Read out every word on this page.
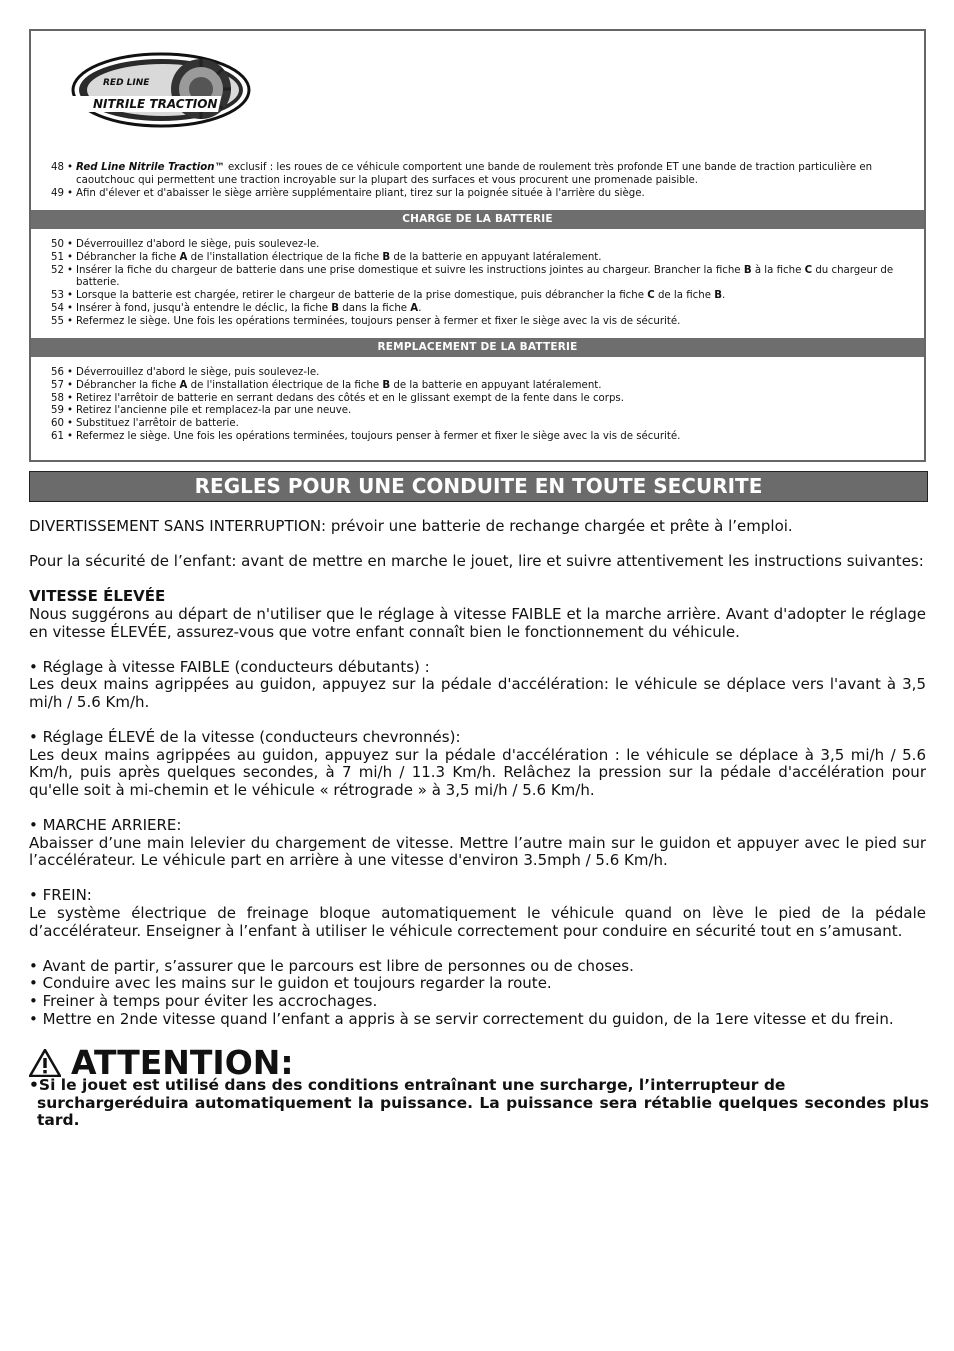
RED LINE
NITRILE TRACTION
48 • Red Line Nitrile Traction™ exclusif : les roues de ce véhicule comportent une bande de roulement très profonde ET une bande de traction particulière en caoutchouc qui permettent une traction incroyable sur la plupart des surfaces et vous procurent une promenade paisible.
49 • Afin d'élever et d'abaisser le siège arrière supplémentaire pliant, tirez sur la poignée située à l'arrière du siège.
CHARGE DE LA BATTERIE
50 • Déverrouillez d'abord le siège, puis soulevez-le.
51 • Débrancher la fiche A de l'installation électrique de la fiche B de la batterie en appuyant latéralement.
52 • Insérer la fiche du chargeur de batterie dans une prise domestique et suivre les instructions jointes au chargeur. Brancher la fiche B à la fiche C du chargeur de batterie.
53 • Lorsque la batterie est chargée, retirer le chargeur de batterie de la prise domestique, puis débrancher la fiche C de la fiche B.
54 • Insérer à fond, jusqu'à entendre le déclic, la fiche B dans la fiche A.
55 • Refermez le siège. Une fois les opérations terminées, toujours penser à fermer et fixer le siège avec la vis de sécurité.
REMPLACEMENT DE LA BATTERIE
56 • Déverrouillez d'abord le siège, puis soulevez-le.
57 • Débrancher la fiche A de l'installation électrique de la fiche B de la batterie en appuyant latéralement.
58 • Retirez l'arrêtoir de batterie en serrant dedans des côtés et en le glissant exempt de la fente dans le corps.
59 • Retirez l'ancienne pile et remplacez-la par une neuve.
60 • Substituez l'arrêtoir de batterie.
61 • Refermez le siège. Une fois les opérations terminées, toujours penser à fermer et fixer le siège avec la vis de sécurité.
REGLES POUR UNE CONDUITE EN TOUTE SECURITE

DIVERTISSEMENT SANS INTERRUPTION: prévoir une batterie de rechange chargée et prête à l’emploi.

Pour la sécurité de l’enfant: avant de mettre en marche le jouet, lire et suivre attentivement les instructions suivantes:

VITESSE ÉLEVÉE

Nous suggérons au départ de n'utiliser que le réglage à vitesse FAIBLE et la marche arrière. Avant d'adopter le réglage en vitesse ÉLEVÉE, assurez-vous que votre enfant connaît bien le fonctionnement du véhicule.

• Réglage à vitesse FAIBLE (conducteurs débutants) :

Les deux mains agrippées au guidon, appuyez sur la pédale d'accélération: le véhicule se déplace vers l'avant à 3,5 mi/h / 5.6 Km/h.

• Réglage ÉLEVÉ de la vitesse (conducteurs chevronnés):

Les deux mains agrippées au guidon, appuyez sur la pédale d'accélération : le véhicule se déplace à 3,5 mi/h / 5.6 Km/h, puis après quelques secondes, à 7 mi/h / 11.3 Km/h. Relâchez la pression sur la pédale d'accélération pour qu'elle soit à mi-chemin et le véhicule « rétrograde » à 3,5 mi/h / 5.6 Km/h.

• MARCHE ARRIERE:

Abaisser d’une main lelevier du chargement de vitesse. Mettre l’autre main sur le guidon et appuyer avec le pied sur l’accélérateur. Le véhicule part en arrière à une vitesse d'environ 3.5mph / 5.6 Km/h.

• FREIN:

Le système électrique de freinage bloque automatiquement le véhicule quand on lève le pied de la pédale d’accélérateur. Enseigner à l’enfant à utiliser le véhicule correctement pour conduire en sécurité tout en s’amusant.

• Avant de partir, s’assurer que le parcours est libre de personnes ou de choses.

• Conduire avec les mains sur le guidon et toujours regarder la route.

• Freiner à temps pour éviter les accrochages.

• Mettre en 2nde vitesse quand l’enfant a appris à se servir correctement du guidon, de la 1ere vitesse et du frein.

ATTENTION:
•Si le jouet est utilisé dans des conditions entraînant une surcharge, l’interrupteur de
surchargeréduira automatiquement la puissance. La puissance sera rétablie quelques secondes plus tard.
